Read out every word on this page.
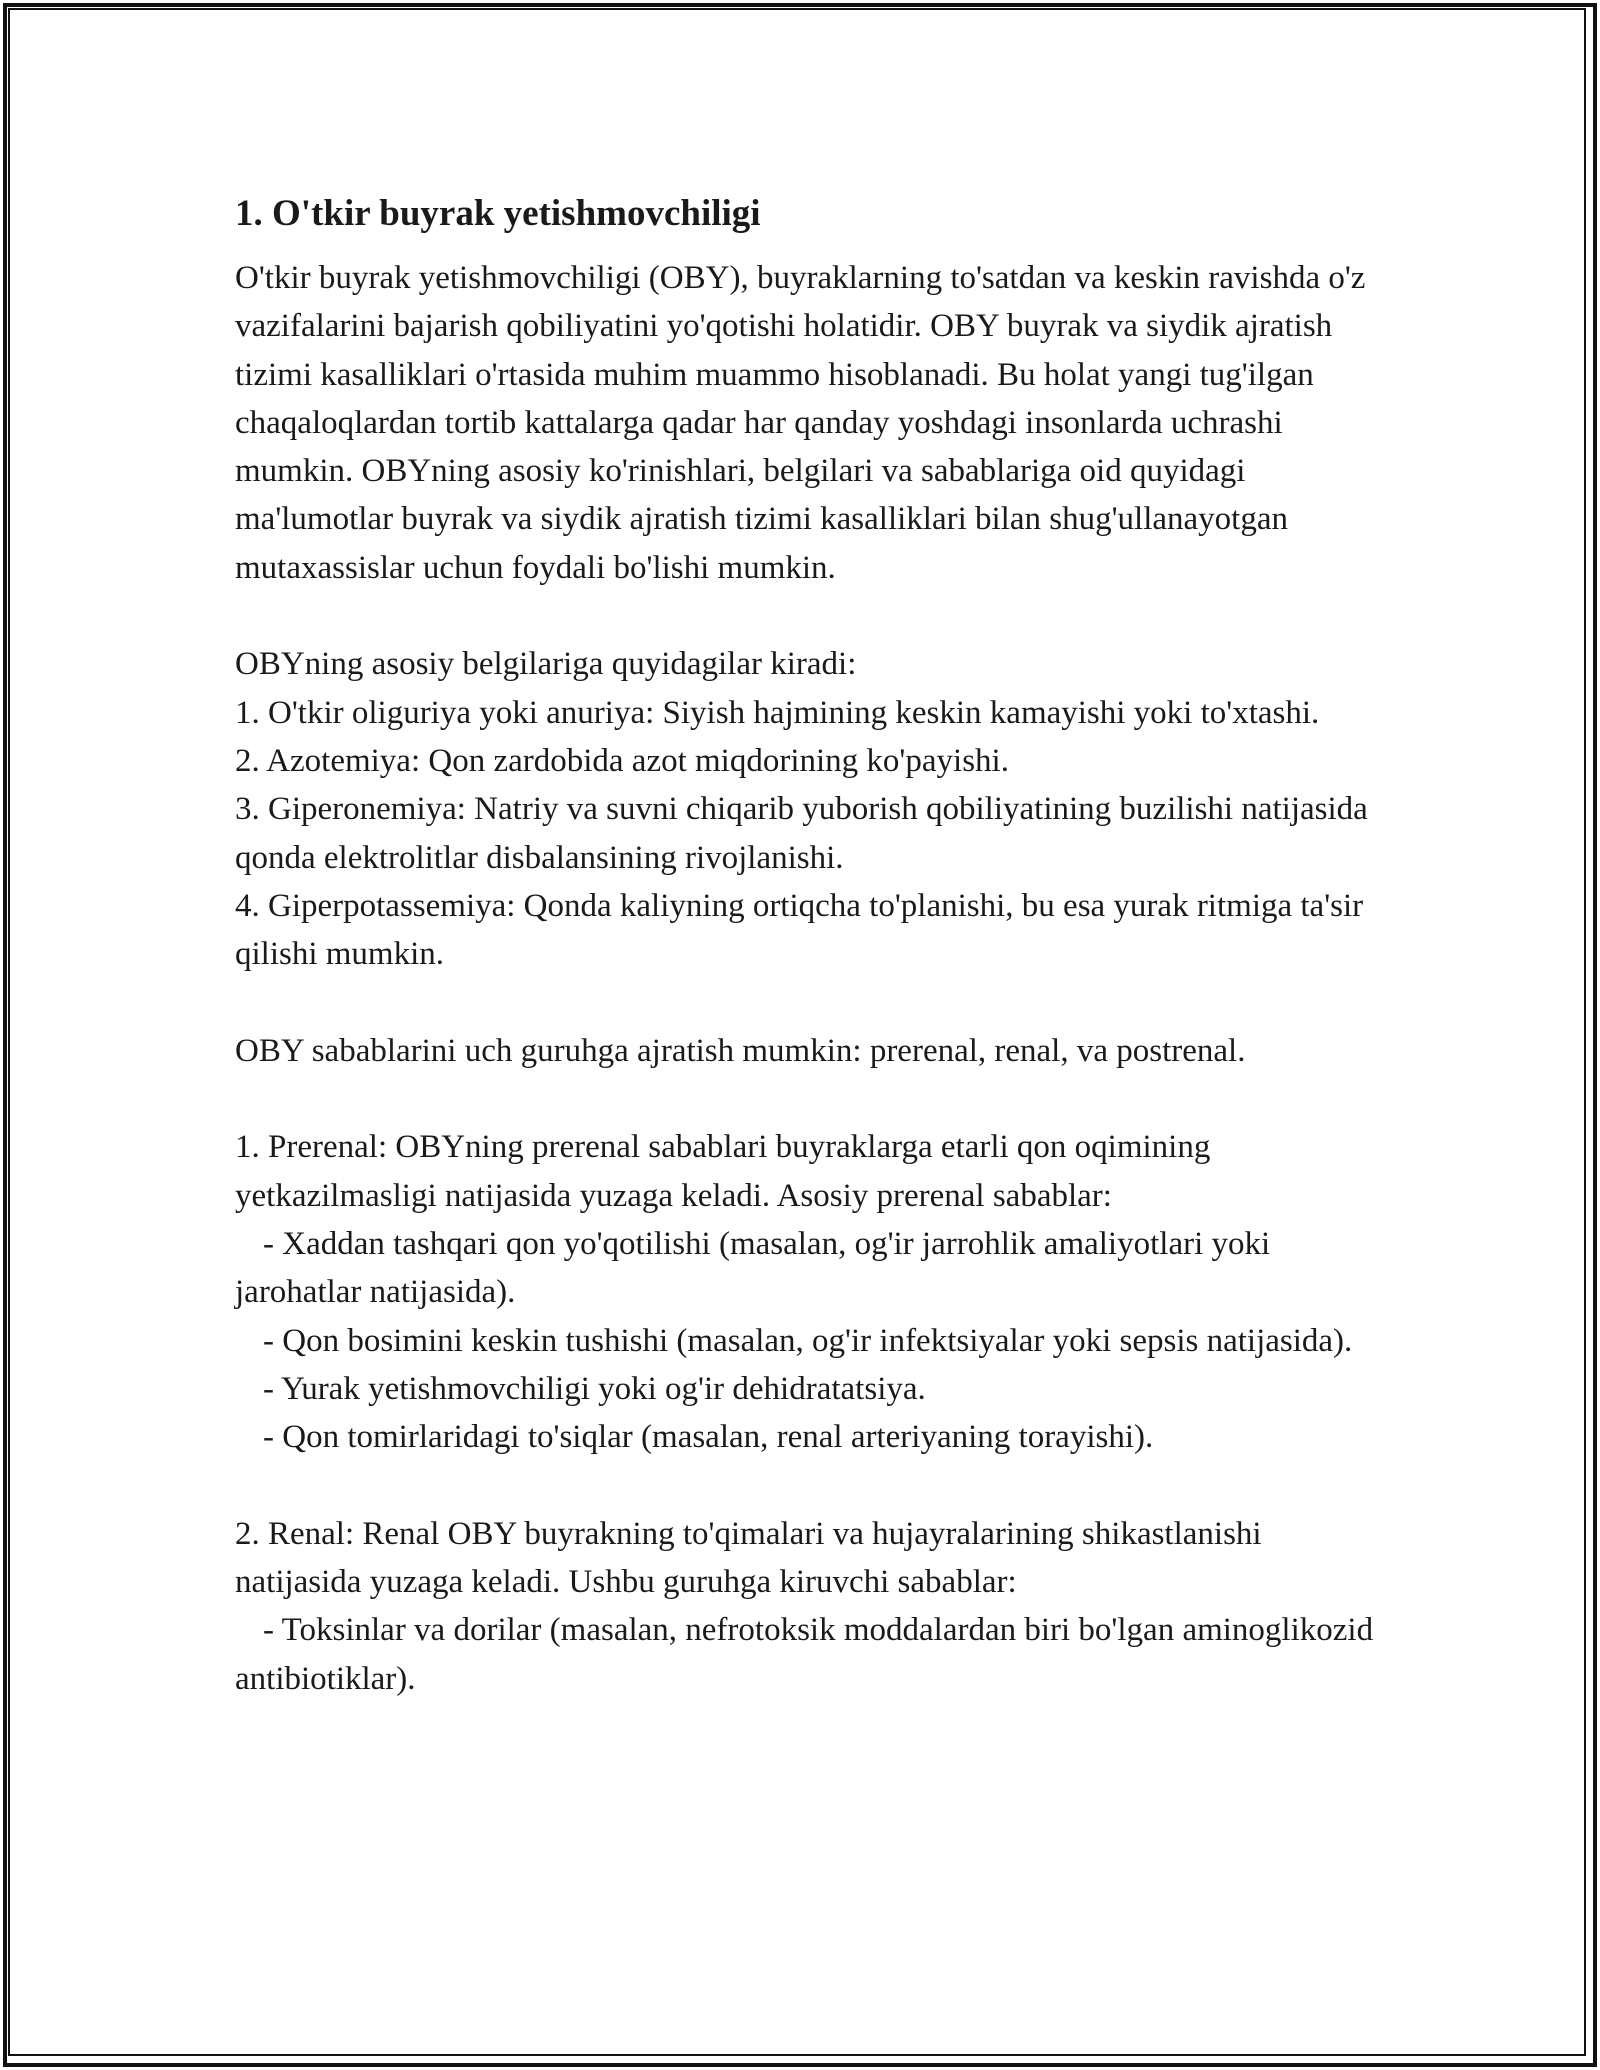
1. O'tkir buyrak yetishmovchiligi

O'tkir buyrak yetishmovchiligi (OBY), buyraklarning to'satdan va keskin ravishda o'z vazifalarini bajarish qobiliyatini yo'qotishi holatidir. OBY buyrak va siydik ajratish tizimi kasalliklari o'rtasida muhim muammo hisoblanadi. Bu holat yangi tug'ilgan chaqaloqlardan tortib kattalarga qadar har qanday yoshdagi insonlarda uchrashi mumkin. OBYning asosiy ko'rinishlari, belgilari va sabablariga oid quyidagi ma'lumotlar buyrak va siydik ajratish tizimi kasalliklari bilan shug'ullanayotgan mutaxassislar uchun foydali bo'lishi mumkin.

OBYning asosiy belgilariga quyidagilar kiradi:

1. O'tkir oliguriya yoki anuriya: Siyish hajmining keskin kamayishi yoki to'xtashi.

2. Azotemiya: Qon zardobida azot miqdorining ko'payishi.

3. Giperonemiya: Natriy va suvni chiqarib yuborish qobiliyatining buzilishi natijasida qonda elektrolitlar disbalansining rivojlanishi.

4. Giperpotassemiya: Qonda kaliyning ortiqcha to'planishi, bu esa yurak ritmiga ta'sir qilishi mumkin.

OBY sabablarini uch guruhga ajratish mumkin: prerenal, renal, va postrenal.

1. Prerenal: OBYning prerenal sabablari buyraklarga etarli qon oqimining yetkazilmasligi natijasida yuzaga keladi. Asosiy prerenal sabablar:

- Xaddan tashqari qon yo'qotilishi (masalan, og'ir jarrohlik amaliyotlari yoki jarohatlar natijasida).

- Qon bosimini keskin tushishi (masalan, og'ir infektsiyalar yoki sepsis natijasida).

- Yurak yetishmovchiligi yoki og'ir dehidratatsiya.

- Qon tomirlaridagi to'siqlar (masalan, renal arteriyaning torayishi).

2. Renal: Renal OBY buyrakning to'qimalari va hujayralarining shikastlanishi natijasida yuzaga keladi. Ushbu guruhga kiruvchi sabablar:

- Toksinlar va dorilar (masalan, nefrotoksik moddalardan biri bo'lgan aminoglikozid antibiotiklar).
